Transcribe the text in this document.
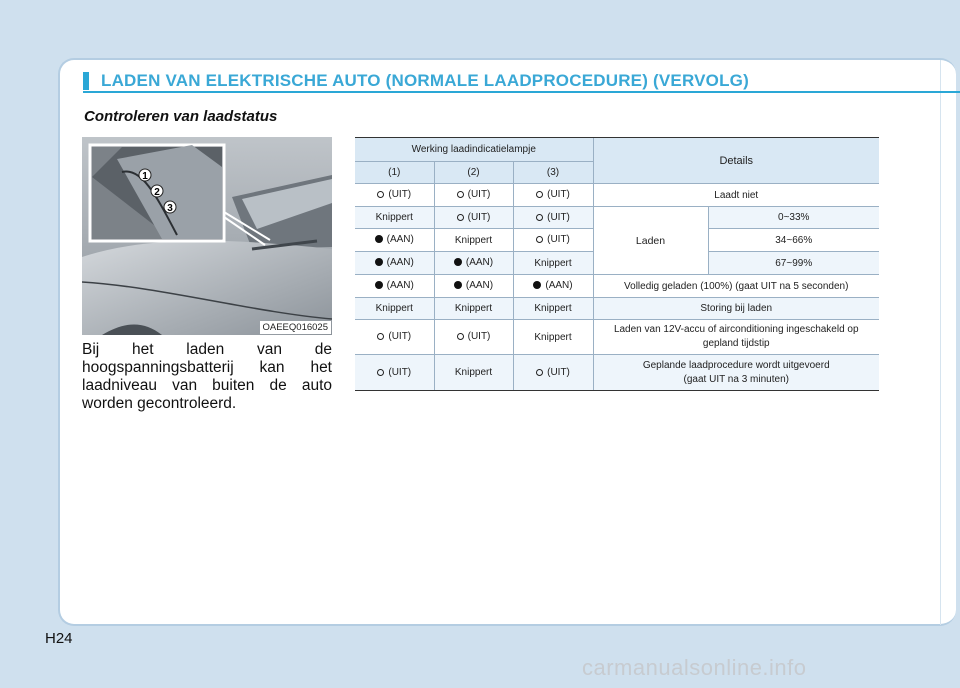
LADEN VAN ELEKTRISCHE AUTO (NORMALE LAADPROCEDURE) (VERVOLG)
Controleren van laadstatus
1
2
3
OAEEQ016025
Bij het laden van de hoogspanningsbatterij kan het laadniveau van buiten de auto worden gecontroleerd.
Werking laadindicatielampje			Details	
(1)	(2)	(3)		

(UIT)	(UIT)	(UIT)	Laadt niet	
Knippert	(UIT)	(UIT)	Laden	0~33%

(AAN)	Knippert	(UIT)		34~66%

(AAN)	(AAN)	Knippert		67~99%

(AAN)	(AAN)	(AAN)	Volledig geladen (100%) (gaat UIT na 5 seconden)	
Knippert	Knippert	Knippert	Storing bij laden	

(UIT)	(UIT)	Knippert	Laden van 12V-accu of airconditioning ingeschakeld op
gepland tijdstip	

(UIT)	Knippert	(UIT)	Geplande laadprocedure wordt uitgevoerd
(gaat UIT na 3 minuten)	
H24
carmanualsonline.info
